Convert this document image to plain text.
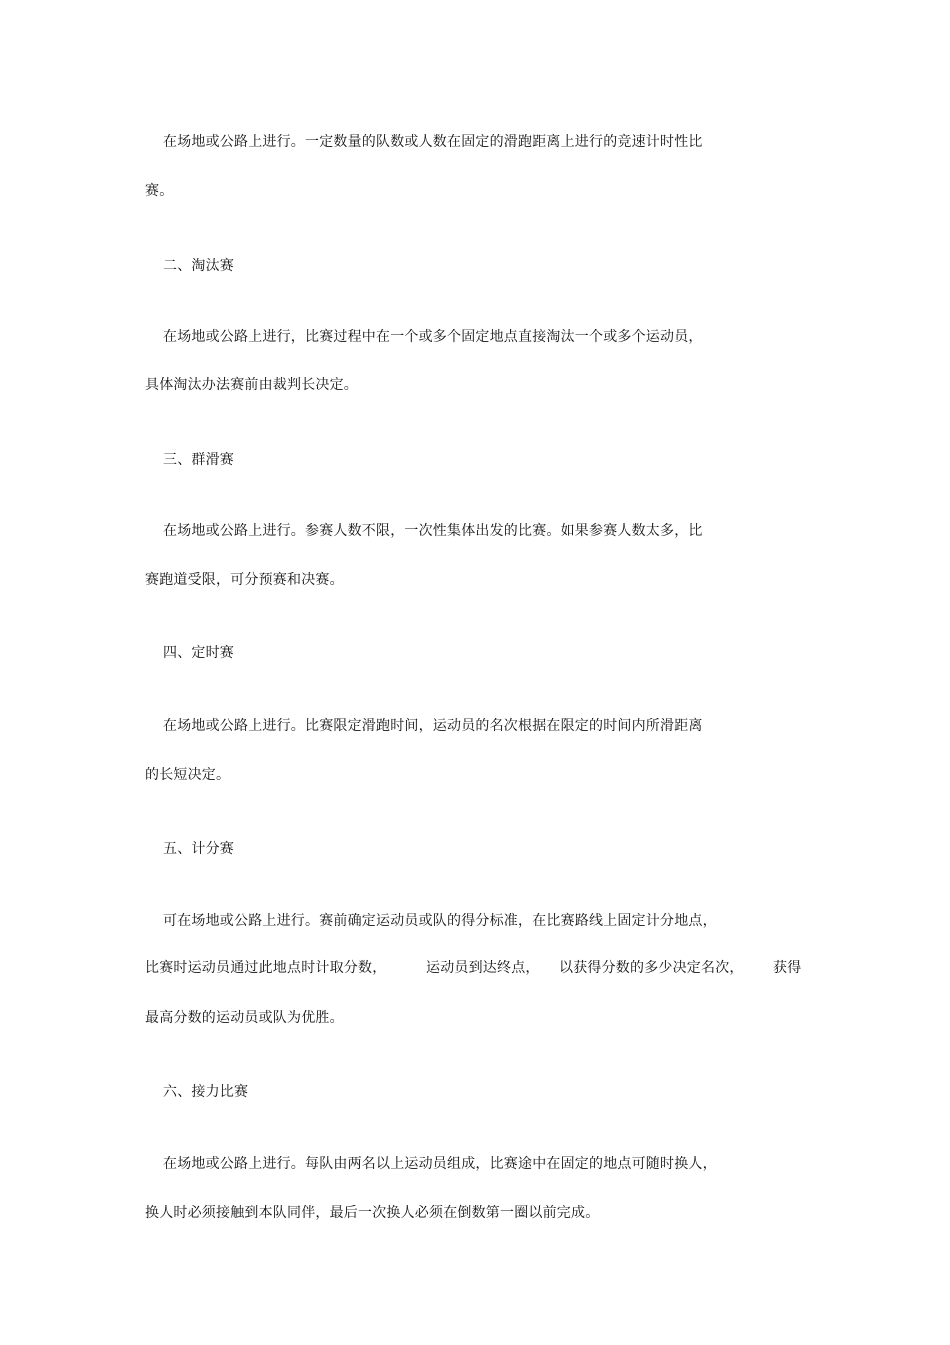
在场地或公路上进行。一定数量的队数或人数在固定的滑跑距离上进行的竞速计时性比
赛。
二、淘汰赛
在场地或公路上进行，比赛过程中在一个或多个固定地点直接淘汰一个或多个运动员，
具体淘汰办法赛前由裁判长决定。
三、群滑赛
在场地或公路上进行。参赛人数不限，一次性集体出发的比赛。如果参赛人数太多，比
赛跑道受限，可分预赛和决赛。
四、定时赛
在场地或公路上进行。比赛限定滑跑时间，运动员的名次根据在限定的时间内所滑距离
的长短决定。
五、计分赛
可在场地或公路上进行。赛前确定运动员或队的得分标准，在比赛路线上固定计分地点，
比赛时运动员通过此地点时计取分数，	运动员到达终点， 以获得分数的多少决定名次， 获得
最高分数的运动员或队为优胜。
六、接力比赛
在场地或公路上进行。每队由两名以上运动员组成，比赛途中在固定的地点可随时换人，
换人时必须接触到本队同伴，最后一次换人必须在倒数第一圈以前完成。
